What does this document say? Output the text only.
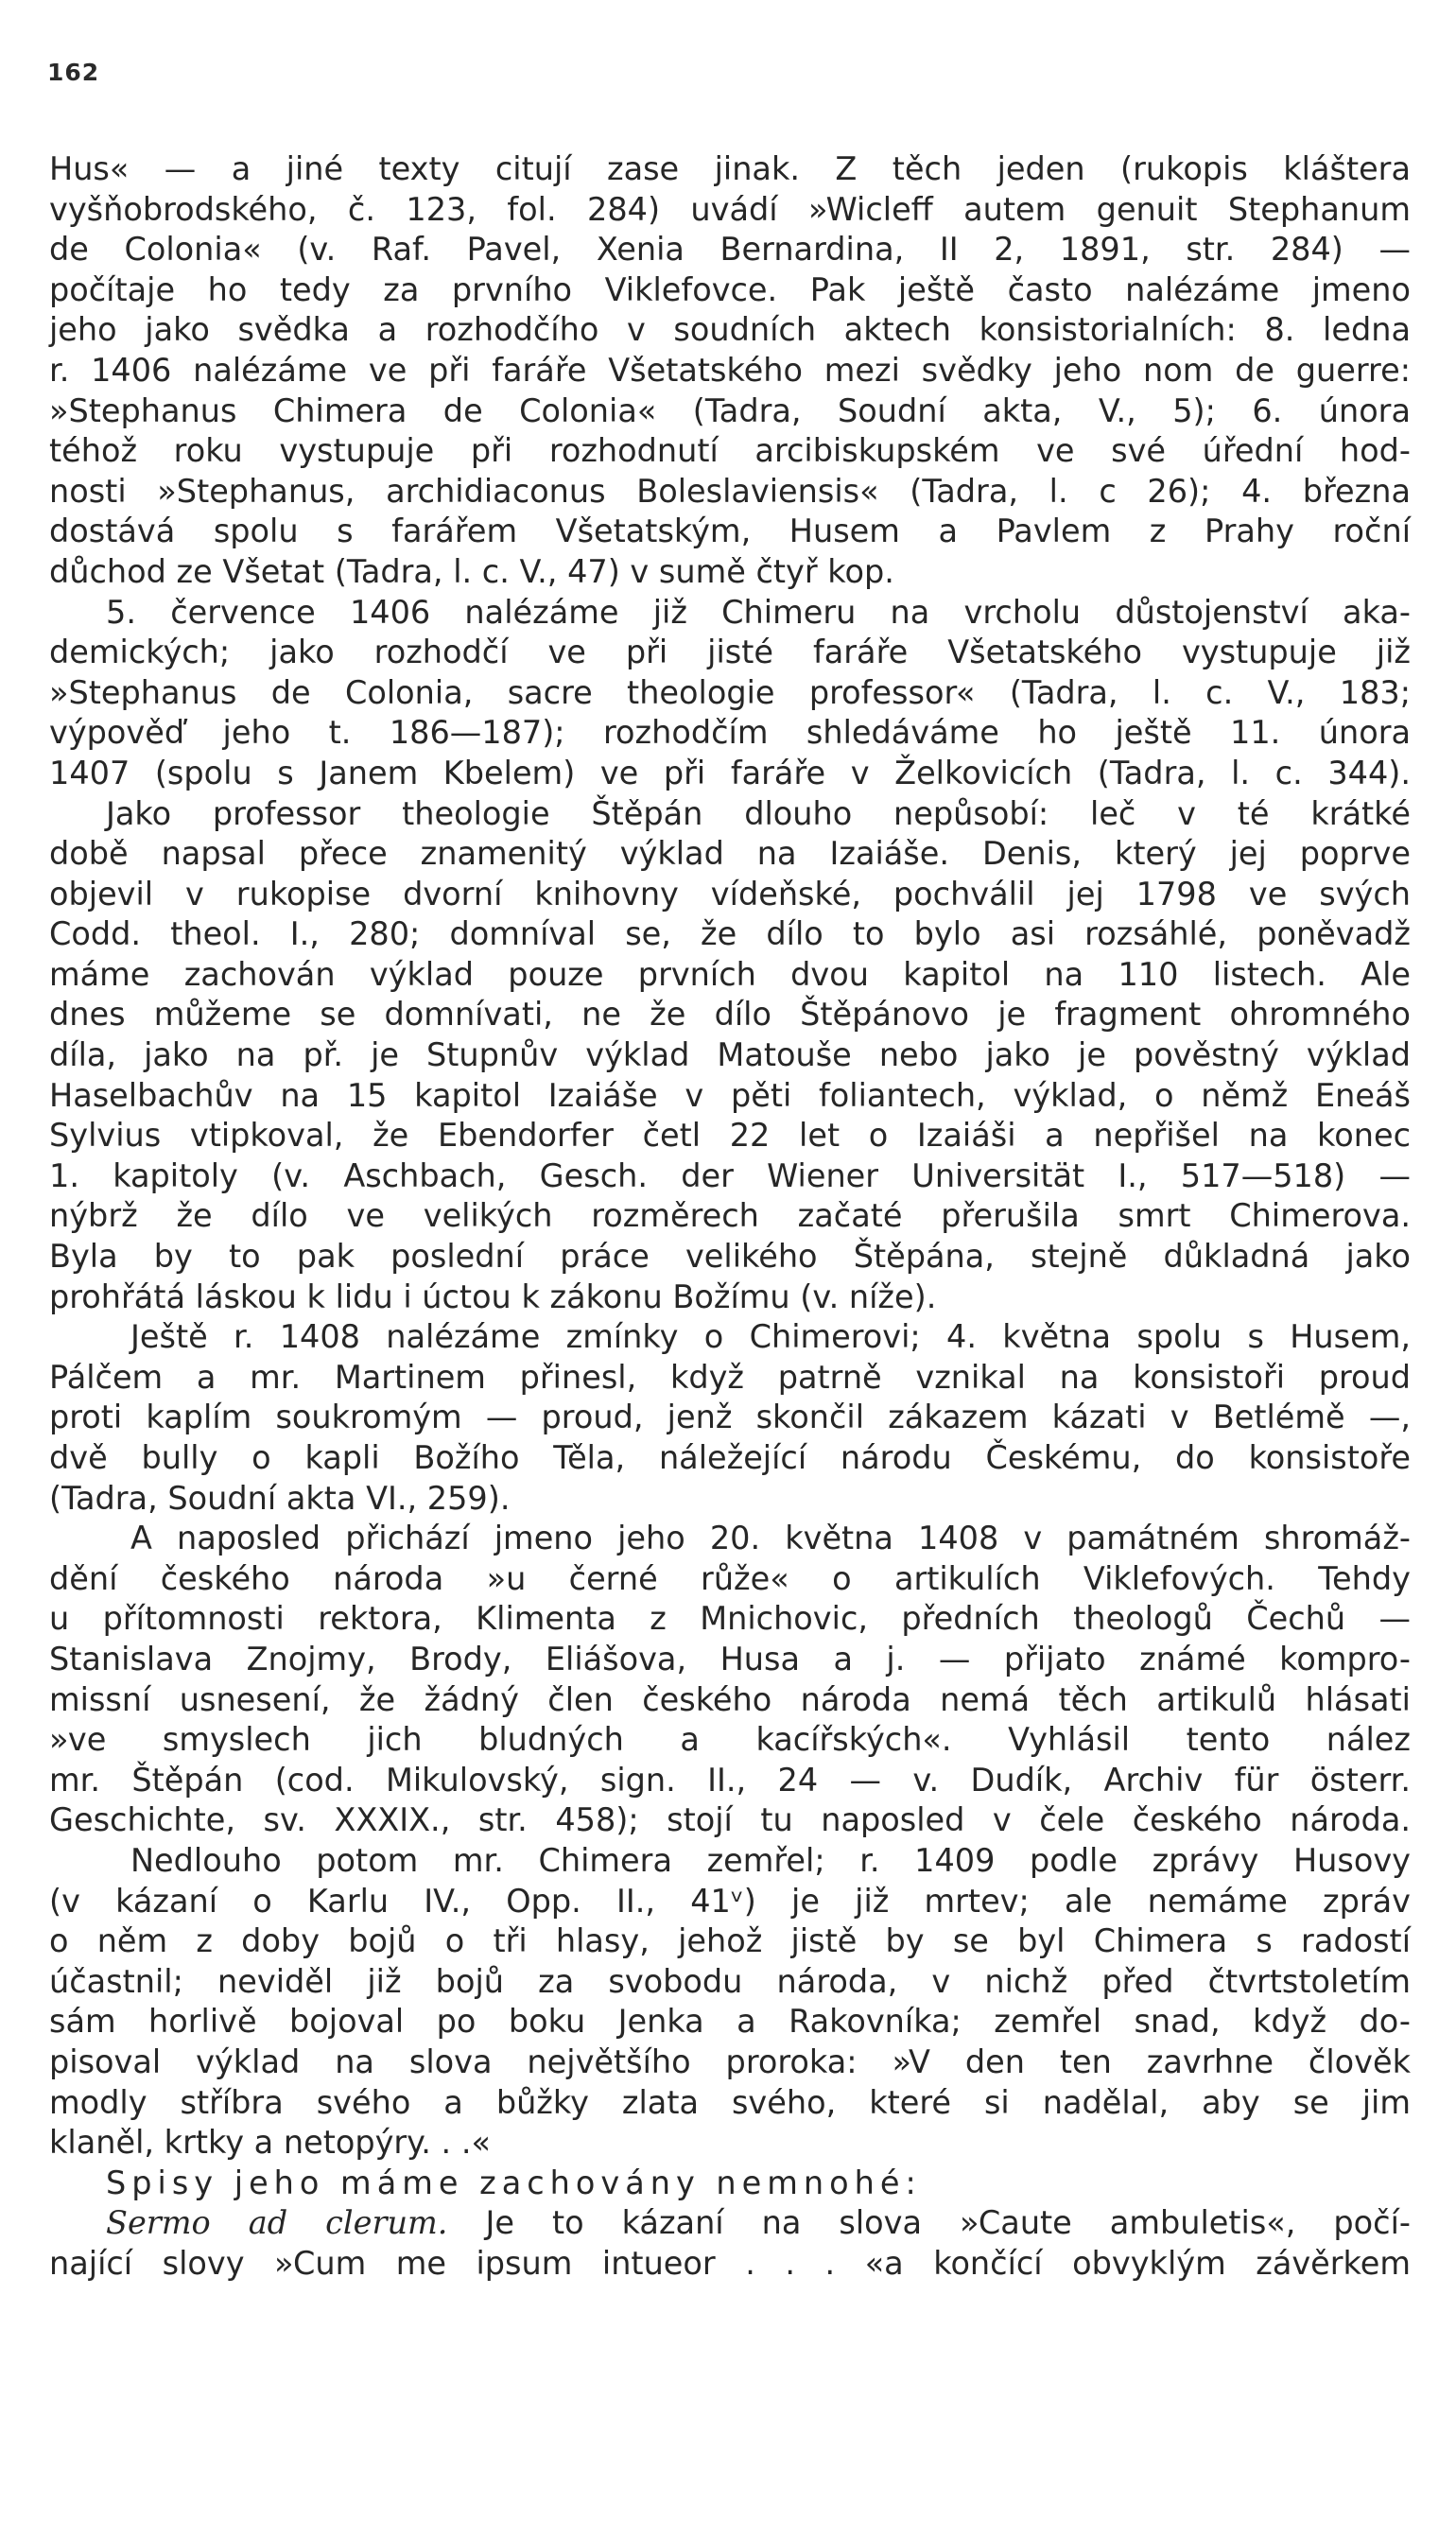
162
Hus« — a jiné texty citují zase jinak. Z těch jeden (rukopis kláštera
vyšňobrodského, č. 123, fol. 284) uvádí »Wicleff autem genuit Stephanum
de Colonia« (v. Raf. Pavel, Xenia Bernardina, II 2, 1891, str. 284) —
počítaje ho tedy za prvního Viklefovce. Pak ještě často nalézáme jmeno
jeho jako svědka a rozhodčího v soudních aktech konsistorialních: 8. ledna
r. 1406 nalézáme ve při faráře Všetatského mezi svědky jeho nom de guerre:
»Stephanus Chimera de Colonia« (Tadra, Soudní akta, V., 5); 6. února
téhož roku vystupuje při rozhodnutí arcibiskupském ve své úřední hod-
nosti »Stephanus, archidiaconus Boleslaviensis« (Tadra, l. c 26); 4. března
dostává spolu s farářem Všetatským, Husem a Pavlem z Prahy roční
důchod ze Všetat (Tadra, l. c. V., 47) v sumě čtyř kop.
5. července 1406 nalézáme již Chimeru na vrcholu důstojenství aka-
demických; jako rozhodčí ve při jisté faráře Všetatského vystupuje již
»Stephanus de Colonia, sacre theologie professor« (Tadra, l. c. V., 183;
výpověď jeho t. 186—187); rozhodčím shledáváme ho ještě 11. února
1407 (spolu s Janem Kbelem) ve při faráře v Želkovicích (Tadra, l. c. 344).
Jako professor theologie Štěpán dlouho nepůsobí: leč v té krátké
době napsal přece znamenitý výklad na Izaiáše. Denis, který jej poprve
objevil v rukopise dvorní knihovny vídeňské, pochválil jej 1798 ve svých
Codd. theol. I., 280; domníval se, že dílo to bylo asi rozsáhlé, poněvadž
máme zachován výklad pouze prvních dvou kapitol na 110 listech. Ale
dnes můžeme se domnívati, ne že dílo Štěpánovo je fragment ohromného
díla, jako na př. je Stupnův výklad Matouše nebo jako je pověstný výklad
Haselbachův na 15 kapitol Izaiáše v pěti foliantech, výklad, o němž Eneáš
Sylvius vtipkoval, že Ebendorfer četl 22 let o Izaiáši a nepřišel na konec
1. kapitoly (v. Aschbach, Gesch. der Wiener Universität I., 517—518) —
nýbrž že dílo ve velikých rozměrech začaté přerušila smrt Chimerova.
Byla by to pak poslední práce velikého Štěpána, stejně důkladná jako
prohřátá láskou k lidu i úctou k zákonu Božímu (v. níže).
Ještě r. 1408 nalézáme zmínky o Chimerovi; 4. května spolu s Husem,
Pálčem a mr. Martinem přinesl, když patrně vznikal na konsistoři proud
proti kaplím soukromým — proud, jenž skončil zákazem kázati v Betlémě —,
dvě bully o kapli Božího Těla, náležející národu Českému, do konsistoře
(Tadra, Soudní akta VI., 259).
A naposled přichází jmeno jeho 20. května 1408 v památném shromáž-
dění českého národa »u černé růže« o artikulích Viklefových. Tehdy
u přítomnosti rektora, Klimenta z Mnichovic, předních theologů Čechů —
Stanislava Znojmy, Brody, Eliášova, Husa a j. — přijato známé kompro-
missní usnesení, že žádný člen českého národa nemá těch artikulů hlásati
»ve smyslech jich bludných a kacířských«. Vyhlásil tento nález
mr. Štěpán (cod. Mikulovský, sign. II., 24 — v. Dudík, Archiv für österr.
Geschichte, sv. XXXIX., str. 458); stojí tu naposled v čele českého národa.
Nedlouho potom mr. Chimera zemřel; r. 1409 podle zprávy Husovy
(v kázaní o Karlu IV., Opp. II., 41ᵛ) je již mrtev; ale nemáme zpráv
o něm z doby bojů o tři hlasy, jehož jistě by se byl Chimera s radostí
účastnil; neviděl již bojů za svobodu národa, v nichž před čtvrtstoletím
sám horlivě bojoval po boku Jenka a Rakovníka; zemřel snad, když do-
pisoval výklad na slova největšího proroka: »V den ten zavrhne člověk
modly stříbra svého a bůžky zlata svého, které si nadělal, aby se jim
klaněl, krtky a netopýry. . .«
Spisy jeho máme zachovány nemnohé:
Sermo ad clerum. Je to kázaní na slova »Caute ambuletis«, počí-
nající slovy »Cum me ipsum intueor . . . «a končící obvyklým závěrkem
